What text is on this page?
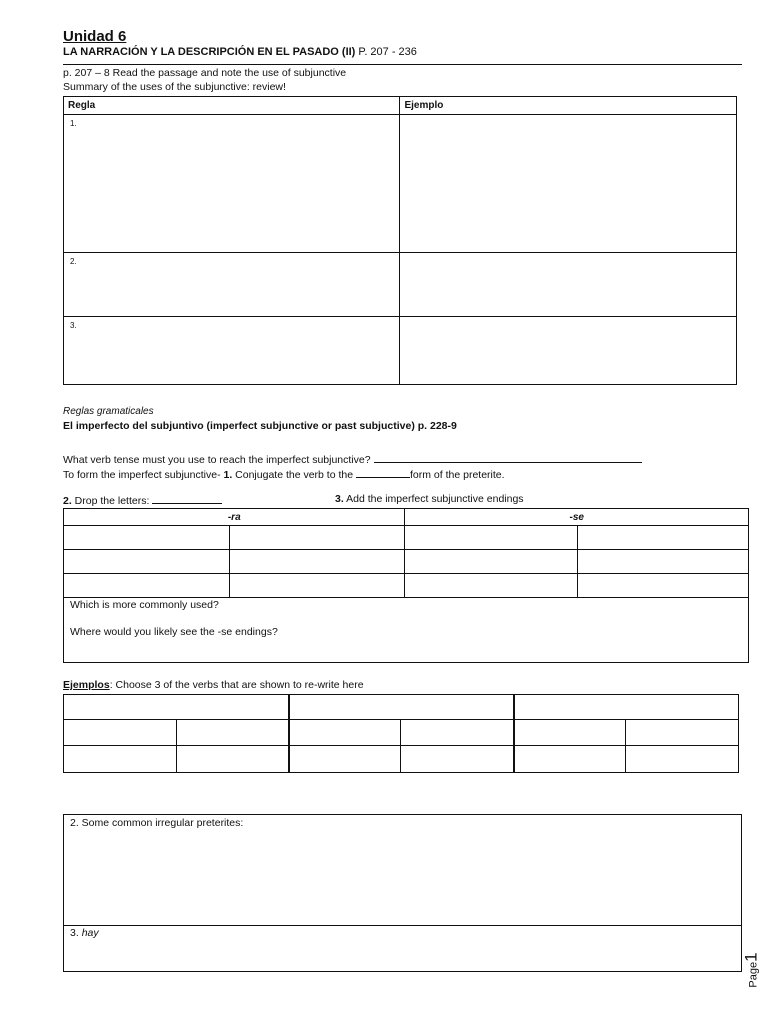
Unidad 6
LA NARRACIÓN Y LA DESCRIPCIÓN EN EL PASADO (II) P. 207 - 236
p. 207 – 8 Read the passage and note the use of subjunctive
Summary of the uses of the subjunctive: review!
Regla	Ejemplo

1.	

2.	

3.	

Reglas gramaticales
El imperfecto del subjuntivo (imperfect subjunctive or past subjuctive) p. 228-9
What verb tense must you use to reach the imperfect subjunctive?
To form the imperfect subjunctive- 1. Conjugate the verb to the	form of the preterite.
2. Drop the letters:	3. Add the imperfect subjunctive endings
-ra		-se	

Which is more commonly used?
Where would you likely see the -se endings?			
Ejemplos: Choose 3 of the verbs that are shown to re-write here

2. Some common irregular preterites:
3. hay
Page1
